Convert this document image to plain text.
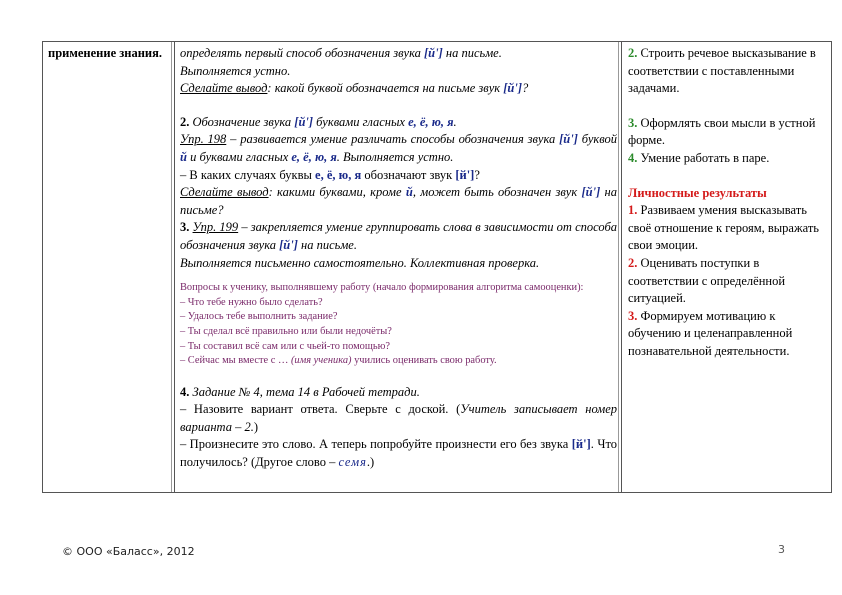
применение знания.	определять первый способ обозначения звука [й'] на письме.

Выполняется устно.

Сделайте вывод: какой буквой обозначается на письме звук [й']?

2. Обозначение звука [й'] буквами гласных е, ё, ю, я.

Упр. 198 – развивается умение различать способы обозначения звука [й'] буквой й и буквами гласных е, ё, ю, я. Выполняется устно.

– В каких случаях буквы е, ё, ю, я обозначают звук [й']?

Сделайте вывод: какими буквами, кроме й, может быть обозначен звук [й'] на письме?

3. Упр. 199 – закрепляется умение группировать слова в зависимости от способа обозначения звука [й'] на письме.

Выполняется письменно самостоятельно. Коллективная проверка.

Вопросы к ученику, выполнявшему работу (начало формирования алгоритма самооценки):

– Что тебе нужно было сделать?

– Удалось тебе выполнить задание?

– Ты сделал всё правильно или были недочёты?

– Ты составил всё сам или с чьей-то помощью?

– Сейчас мы вместе с … (имя ученика) учились оценивать свою работу.

4. Задание № 4, тема 14 в Рабочей тетради.

– Назовите вариант ответа. Сверьте с доской. (Учитель записывает номер варианта – 2.)

– Произнесите это слово. А теперь попробуйте произнести его без звука [й']. Что получилось? (Другое слово – семя.)

2. Строить речевое высказывание в соответствии с поставленными задачами.

3. Оформлять свои мысли в устной форме.

4. Умение работать в паре.

Личностные результаты

1. Развиваем умения высказывать своё отношение к героям, выражать свои эмоции.

2. Оценивать поступки в соответствии с определённой ситуацией.

3. Формируем мотивацию к обучению и целенаправленной познавательной деятельности.

© ООО «Баласс», 2012	3
